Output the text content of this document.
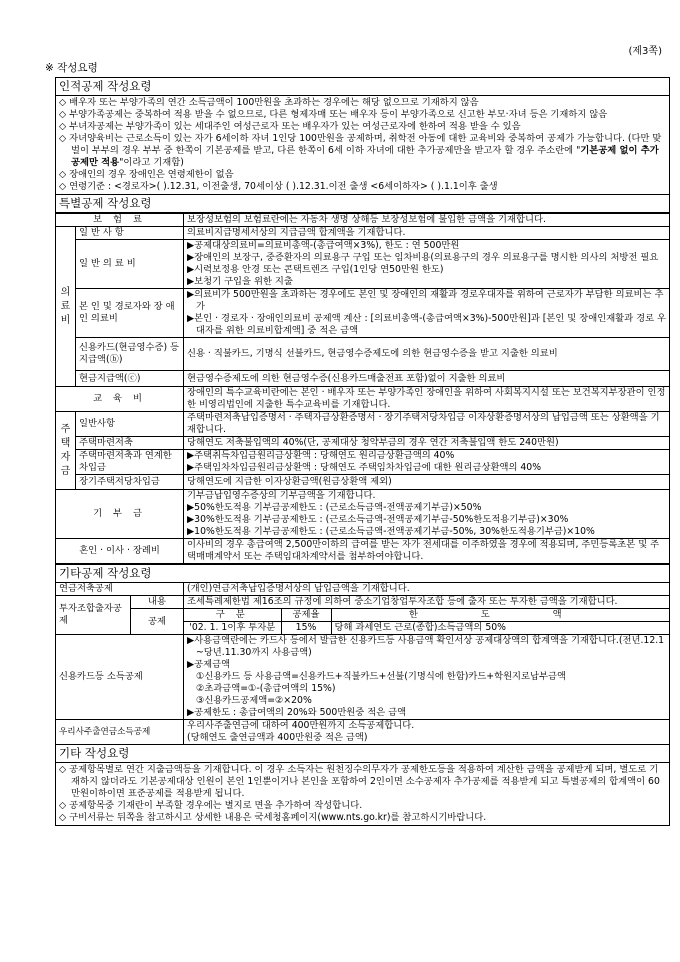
(제3쪽)
※ 작성요령
인적공제 작성요령

◇ 배우자 또는 부양가족의 연간 소득금액이 100만원을 초과하는 경우에는 해당 없으므로 기재하지 않음
◇ 부양가족공제는 중복하여 적용 받을 수 없으므로, 다른 형제자매 또는 배우자 등이 부양가족으로 신고한 부모·자녀 등은 기재하지 않음
◇ 부녀자공제는 부양가족이 있는 세대주인 여성근로자 또는 배우자가 있는 여성근로자에 한하여 적용 받을 수 있음
◇ 자녀양육비는 근로소득이 있는 자가 6세이하 자녀 1인당 100만원을 공제하며, 취학전 아동에 대한 교육비와 중복하여 공제가 가능합니다. (다만 맞벌이 부부의 경우 부부 중 한쪽이 기본공제를 받고, 다른 한쪽이 6세 이하 자녀에 대한 추가공제만을 받고자 할 경우 주소란에 "기본공제 없이 추가공제만 적용"이라고 기재함)
◇ 장애인의 경우 장애인은 연령제한이 없음
◇ 연령기준 : <경로자>( ).12.31, 이전출생, 70세이상 ( ).12.31.이전 출생 <6세이하자> ( ).1.1이후 출생

특별공제 작성요령
보 험 료		보장성보험의 보험료란에는 자동차 생명 상해등 보장성보험에 불입한 금액을 기재합니다.

의
료
비	일 반 사 항	의료비지급명세서상의 지급금액 합계액을 기재합니다.
	일 반 의 료 비	▶공제대상의료비=의료비총액-(총급여액×3%), 한도 : 연 500만원
▶장애인의 보장구, 중증환자의 의료용구 구입 또는 임차비용(의료용구의 경우 의료용구를 명시한 의사의 처방전 필요
▶시력보정용 안경 또는 콘택트렌즈 구입(1인당 연50만원 한도)
▶보청기 구입을 위한 지출

	본 인 및 경로자와 장 애 인 의료비	▶의료비가 500만원을 초과하는 경우에도 본인 및 장애인의 재활과 경로우대자를 위하여 근로자가 부담한 의료비는 추가
▶본인 · 경로자 · 장애인의료비 공제액 계산 : [의료비총액-(총급여액×3%)-500만원]과 [본인 및 장애인재활과 경로 우대자를 위한 의료비합계액] 중 적은 금액

	신용카드(현금영수증) 등 지급액(ⓑ)	신용 · 직불카드, 기명식 선불카드, 현금영수증제도에 의한 현금영수증을 받고 지출한 의료비
	현금지급액(ⓒ)	현금영수증제도에 의한 현금영수증(신용카드매출전표 포함)없이 지출한 의료비
교 육 비		장애인의 특수교육비란에는 본인 · 배우자 또는 부양가족인 장애인을 위하여 사회복지시설 또는 보건복지부장관이 인정한 비영리법인에 지출한 특수교육비를 기재합니다.

주
택
자
금	일반사항	주택마련저축납입증명서 · 주택자금상환증명서 · 장기주택저당차입금 이자상환증명서상의 납입금액 또는 상환액을 기재합니다.
	주택마련저축	당해연도 저축불입액의 40%(단, 공제대상 청약부금의 경우 연간 저축불입액 한도 240만원)
	주택마련저축과 연계한 차입금	▶주택취득차입금원리금상환액 : 당해연도 원리금상환금액의 40%
▶주택임차차입금원리금상환액 : 당해연도 주택임차차입금에 대한 원리금상환액의 40%

	장기주택저당차입금	당해연도에 지급한 이자상환금액(원금상환액 제외)
기 부 금		기부금납입영수증상의 기부금액을 기재합니다.
▶50%한도적용 기부금공제한도 : (근로소득금액-전액공제기부금)×50%
▶30%한도적용 기부금공제한도 : (근로소득금액-전액공제기부금-50%한도적용기부금)×30%
▶10%한도적용 기부금공제한도 : (근로소득금액-전액공제기부금-50%, 30%한도적용기부금)×10%

혼인 · 이사 · 장례비		이사비의 경우 총급여액 2,500만이하의 급여를 받는 자가 전세대를 이주하였을 경우에 적용되며, 주민등록초본 및 주택매매계약서 또는 주택임대차계약서를 첨부하여야합니다.
기타공제 작성요령
연금저축공제	(개인)연금저축납입증명서상의 납입금액을 기재합니다.
투자조합출자공제	내용	조세특례제한법 제16조의 규정에 의하여 중소기업창업투자조합 등에 출자 또는 투자한 금액을 기재합니다.
공제	
구 분	공제율	한 도 액
'02. 1. 1이후 투자분	15%	당해 과세연도 근로(종합)소득금액의 50%

신용카드등 소득공제	
▶사용금액란에는 카드사 등에서 발급한 신용카드등 사용금액 확인서상 공제대상액의 합계액을 기재합니다.(전년.12.1 ~당년.11.30까지 사용금액)
▶공제금액
①신용카드 등 사용금액=신용카드+직불카드+선불(기명식에 한함)카드+학원지로납부금액
②초과금액=①-(총급여액의 15%)
③신용카드공제액=②×20%
▶공제한도 : 총급여액의 20%와 500만원중 적은 금액

우리사주출연금소득공제	
우리사주출연금에 대하여 400만원까지 소득공제합니다.
(당해연도 출연금액과 400만원중 적은 금액)

기타 작성요령

◇ 공제항목별로 연간 지출금액등을 기재합니다. 이 경우 소득자는 원천징수의무자가 공제한도등을 적용하여 계산한 금액을 공제받게 되며, 별도로 기재하지 않더라도 기본공제대상 인원이 본인 1인뿐이거나 본인을 포함하여 2인이면 소수공제자 추가공제를 적용받게 되고 특별공제의 합계액이 60만원이하이면 표준공제를 적용받게 됩니다.
◇ 공제항목중 기재란이 부족할 경우에는 별지로 면을 추가하여 작성합니다.
◇ 구비서류는 뒤쪽을 참고하시고 상세한 내용은 국세청홈페이지(www.nts.go.kr)를 참고하시기바랍니다.
